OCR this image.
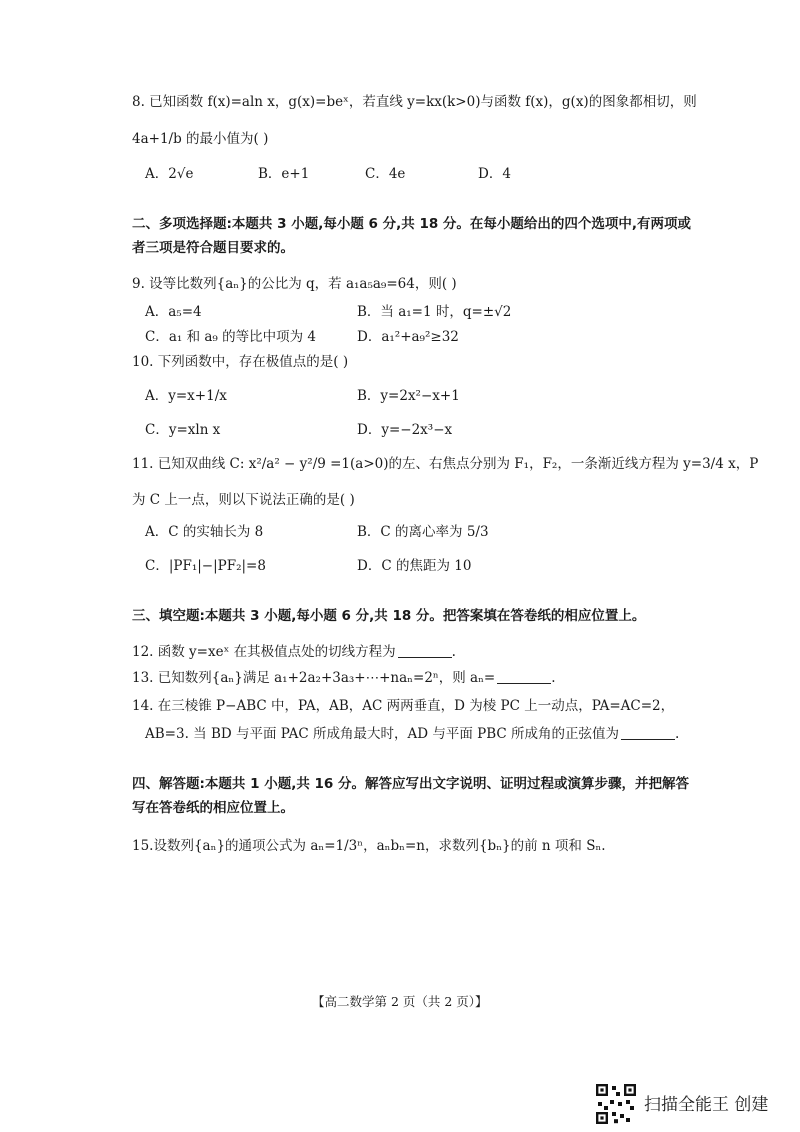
8. 已知函数 f(x)=aln x，g(x)=beˣ，若直线 y=kx(k>0)与函数 f(x)，g(x)的图象都相切，则
4a+1/b 的最小值为( )
A．2√e	B．e+1	C．4e	D．4
二、多项选择题:本题共 3 小题,每小题 6 分,共 18 分。在每小题给出的四个选项中,有两项或
者三项是符合题目要求的。
9. 设等比数列{aₙ}的公比为 q，若 a₁a₅a₉=64，则( )
A．a₅=4	B．当 a₁=1 时，q=±√2
C．a₁ 和 a₉ 的等比中项为 4	D．a₁²+a₉²≥32
10. 下列函数中，存在极值点的是( )
A．y=x+1/x	B．y=2x²−x+1
C．y=xln x	D．y=−2x³−x
11. 已知双曲线 C: x²/a² − y²/9 =1(a>0)的左、右焦点分别为 F₁，F₂，一条渐近线方程为 y=3/4 x，P
为 C 上一点，则以下说法正确的是( )
A．C 的实轴长为 8	B．C 的离心率为 5/3
C．|PF₁|−|PF₂|=8	D．C 的焦距为 10
三、填空题:本题共 3 小题,每小题 6 分,共 18 分。把答案填在答卷纸的相应位置上。
12. 函数 y=xeˣ 在其极值点处的切线方程为	.
13. 已知数列{aₙ}满足 a₁+2a₂+3a₃+⋯+naₙ=2ⁿ，则 aₙ=	.
14. 在三棱锥 P−ABC 中，PA，AB，AC 两两垂直，D 为棱 PC 上一动点，PA=AC=2，
AB=3. 当 BD 与平面 PAC 所成角最大时，AD 与平面 PBC 所成角的正弦值为	.
四、解答题:本题共 1 小题,共 16 分。解答应写出文字说明、证明过程或演算步骤，并把解答
写在答卷纸的相应位置上。
15.设数列{aₙ}的通项公式为 aₙ=1/3ⁿ，aₙbₙ=n，求数列{bₙ}的前 n 项和 Sₙ.
【高二数学第 2 页（共 2 页）】
扫描全能王 创建
